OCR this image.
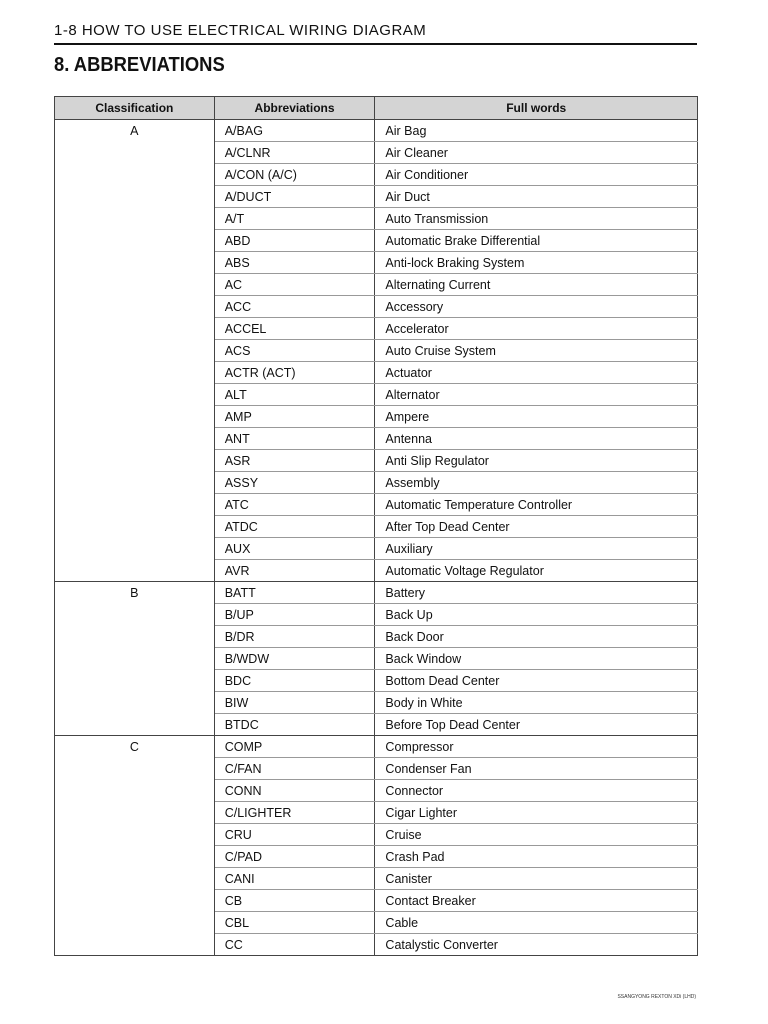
1-8 HOW TO USE ELECTRICAL WIRING DIAGRAM
8. ABBREVIATIONS
Classification	Abbreviations	Full words
A	A/BAG	Air Bag
	A/CLNR	Air Cleaner
	A/CON (A/C)	Air Conditioner
	A/DUCT	Air Duct
	A/T	Auto Transmission
	ABD	Automatic Brake Differential
	ABS	Anti-lock Braking System
	AC	Alternating Current
	ACC	Accessory
	ACCEL	Accelerator
	ACS	Auto Cruise System
	ACTR (ACT)	Actuator
	ALT	Alternator
	AMP	Ampere
	ANT	Antenna
	ASR	Anti Slip Regulator
	ASSY	Assembly
	ATC	Automatic Temperature Controller
	ATDC	After Top Dead Center
	AUX	Auxiliary
	AVR	Automatic Voltage Regulator
B	BATT	Battery
	B/UP	Back Up
	B/DR	Back Door
	B/WDW	Back Window
	BDC	Bottom Dead Center
	BIW	Body in White
	BTDC	Before Top Dead Center
C	COMP	Compressor
	C/FAN	Condenser Fan
	CONN	Connector
	C/LIGHTER	Cigar Lighter
	CRU	Cruise
	C/PAD	Crash Pad
	CANI	Canister
	CB	Contact Breaker
	CBL	Cable
	CC	Catalystic Converter
SSANGYONG REXTON XDi (LHD)
